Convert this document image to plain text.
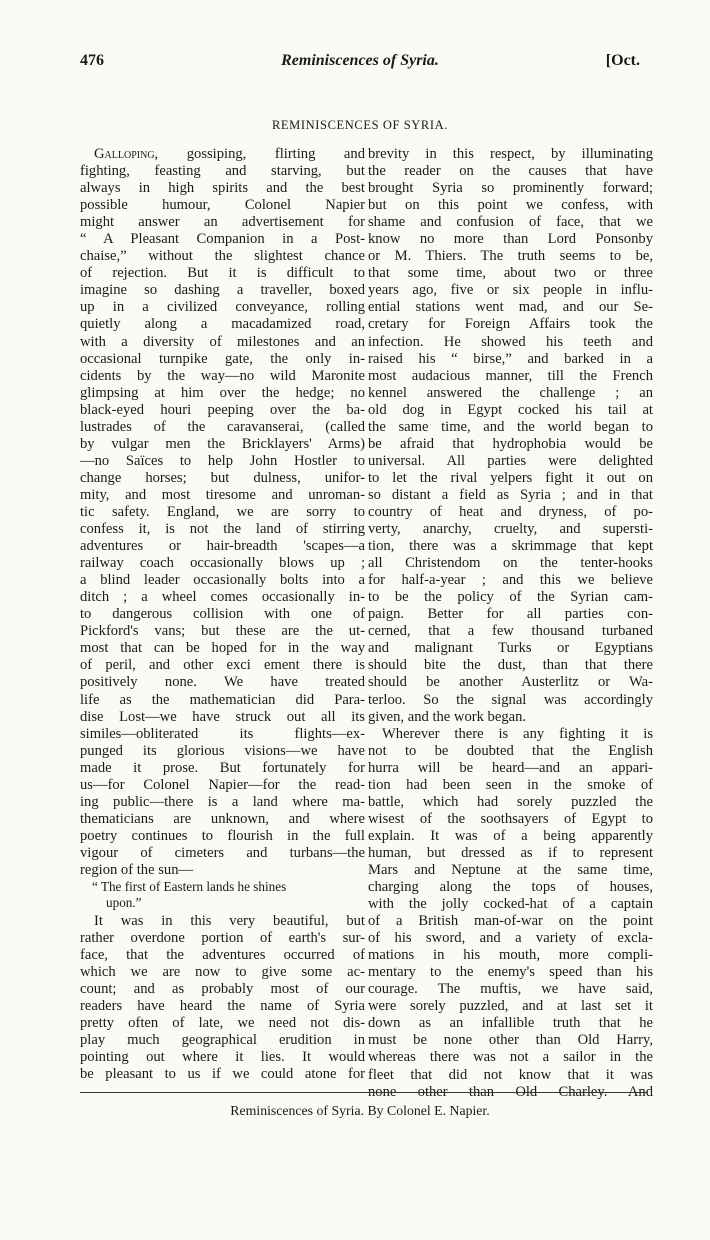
476	Reminiscences of Syria.	[Oct.
REMINISCENCES OF SYRIA.
Galloping, gossiping, flirting and
fighting, feasting and starving, but
always in high spirits and the best
possible humour, Colonel Napier
might answer an advertisement for
“ A Pleasant Companion in a Post-
chaise,” without the slightest chance
of rejection. But it is difficult to
imagine so dashing a traveller, boxed
up in a civilized conveyance, rolling
quietly along a macadamized road,
with a diversity of milestones and an
occasional turnpike gate, the only in-
cidents by the way—no wild Maronite
glimpsing at him over the hedge; no
black-eyed houri peeping over the ba-
lustrades of the caravanserai, (called
by vulgar men the Bricklayers' Arms)
—no Saïces to help John Hostler to
change horses; but dulness, unifor-
mity, and most tiresome and unroman-
tic safety. England, we are sorry to
confess it, is not the land of stirring
adventures or hair-breadth 'scapes—a
railway coach occasionally blows up ;
a blind leader occasionally bolts into a
ditch ; a wheel comes occasionally in-
to dangerous collision with one of
Pickford's vans; but these are the ut-
most that can be hoped for in the way
of peril, and other exci ement there is
positively none. We have treated
life as the mathematician did Para-
dise Lost—we have struck out all its
similes—obliterated its flights—ex-
punged its glorious visions—we have
made it prose. But fortunately for
us—for Colonel Napier—for the read-
ing public—there is a land where ma-
thematicians are unknown, and where
poetry continues to flourish in the full
vigour of cimeters and turbans—the
region of the sun—
“ The first of Eastern lands he shines
upon.”
It was in this very beautiful, but
rather overdone portion of earth's sur-
face, that the adventures occurred of
which we are now to give some ac-
count; and as probably most of our
readers have heard the name of Syria
pretty often of late, we need not dis-
play much geographical erudition in
pointing out where it lies. It would
be pleasant to us if we could atone for
brevity in this respect, by illuminating
the reader on the causes that have
brought Syria so prominently forward;
but on this point we confess, with
shame and confusion of face, that we
know no more than Lord Ponsonby
or M. Thiers. The truth seems to be,
that some time, about two or three
years ago, five or six people in influ-
ential stations went mad, and our Se-
cretary for Foreign Affairs took the
infection. He showed his teeth and
raised his “ birse,” and barked in a
most audacious manner, till the French
kennel answered the challenge ; an
old dog in Egypt cocked his tail at
the same time, and the world began to
be afraid that hydrophobia would be
universal. All parties were delighted
to let the rival yelpers fight it out on
so distant a field as Syria ; and in that
country of heat and dryness, of po-
verty, anarchy, cruelty, and supersti-
tion, there was a skrimmage that kept
all Christendom on the tenter-hooks
for half-a-year ; and this we believe
to be the policy of the Syrian cam-
paign. Better for all parties con-
cerned, that a few thousand turbaned
and malignant Turks or Egyptians
should bite the dust, than that there
should be another Austerlitz or Wa-
terloo. So the signal was accordingly
given, and the work began.
Wherever there is any fighting it is
not to be doubted that the English
hurra will be heard—and an appari-
tion had been seen in the smoke of
battle, which had sorely puzzled the
wisest of the soothsayers of Egypt to
explain. It was of a being apparently
human, but dressed as if to represent
Mars and Neptune at the same time,
charging along the tops of houses,
with the jolly cocked-hat of a captain
of a British man-of-war on the point
of his sword, and a variety of excla-
mations in his mouth, more compli-
mentary to the enemy's speed than his
courage. The muftis, we have said,
were sorely puzzled, and at last set it
down as an infallible truth that he
must be none other than Old Harry,
whereas there was not a sailor in the
fleet that did not know that it was
none other than Old Charley. And
Reminiscences of Syria. By Colonel E. Napier.
